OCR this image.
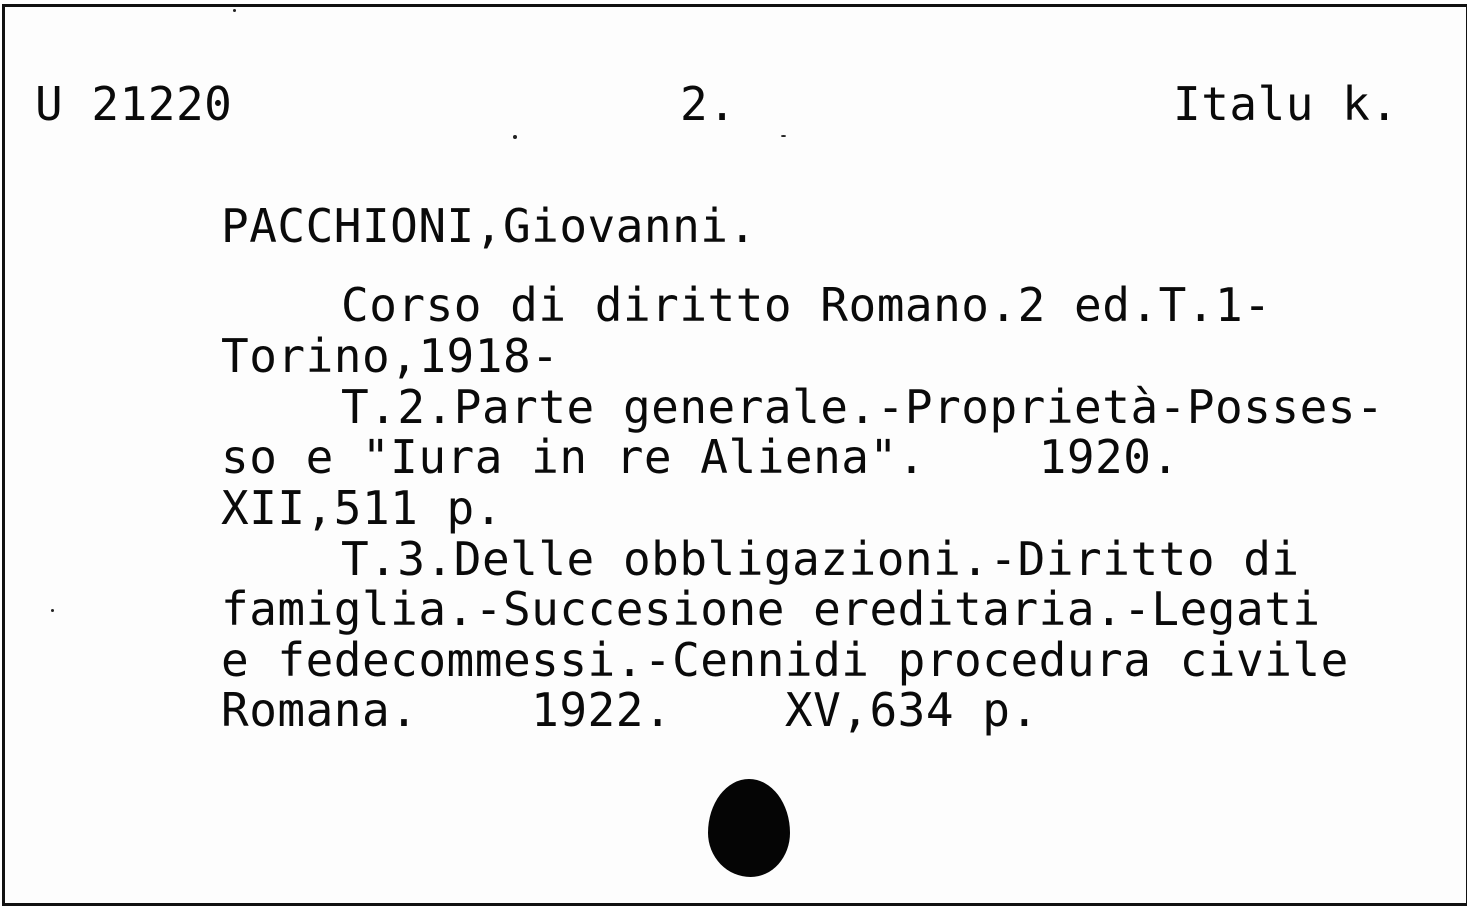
U 21220	2.	Italu k.
PACCHIONI,Giovanni.
Corso di diritto Romano.2 ed.T.1-
Torino,1918-
T.2.Parte generale.-Proprietà-Posses-
so e "Iura in re Aliena".    1920.
XII,511 p.
T.3.Delle obbligazioni.-Diritto di
famiglia.-Succesione ereditaria.-Legati
e fedecommessi.-Cennidi procedura civile
Romana.    1922.    XV,634 p.
